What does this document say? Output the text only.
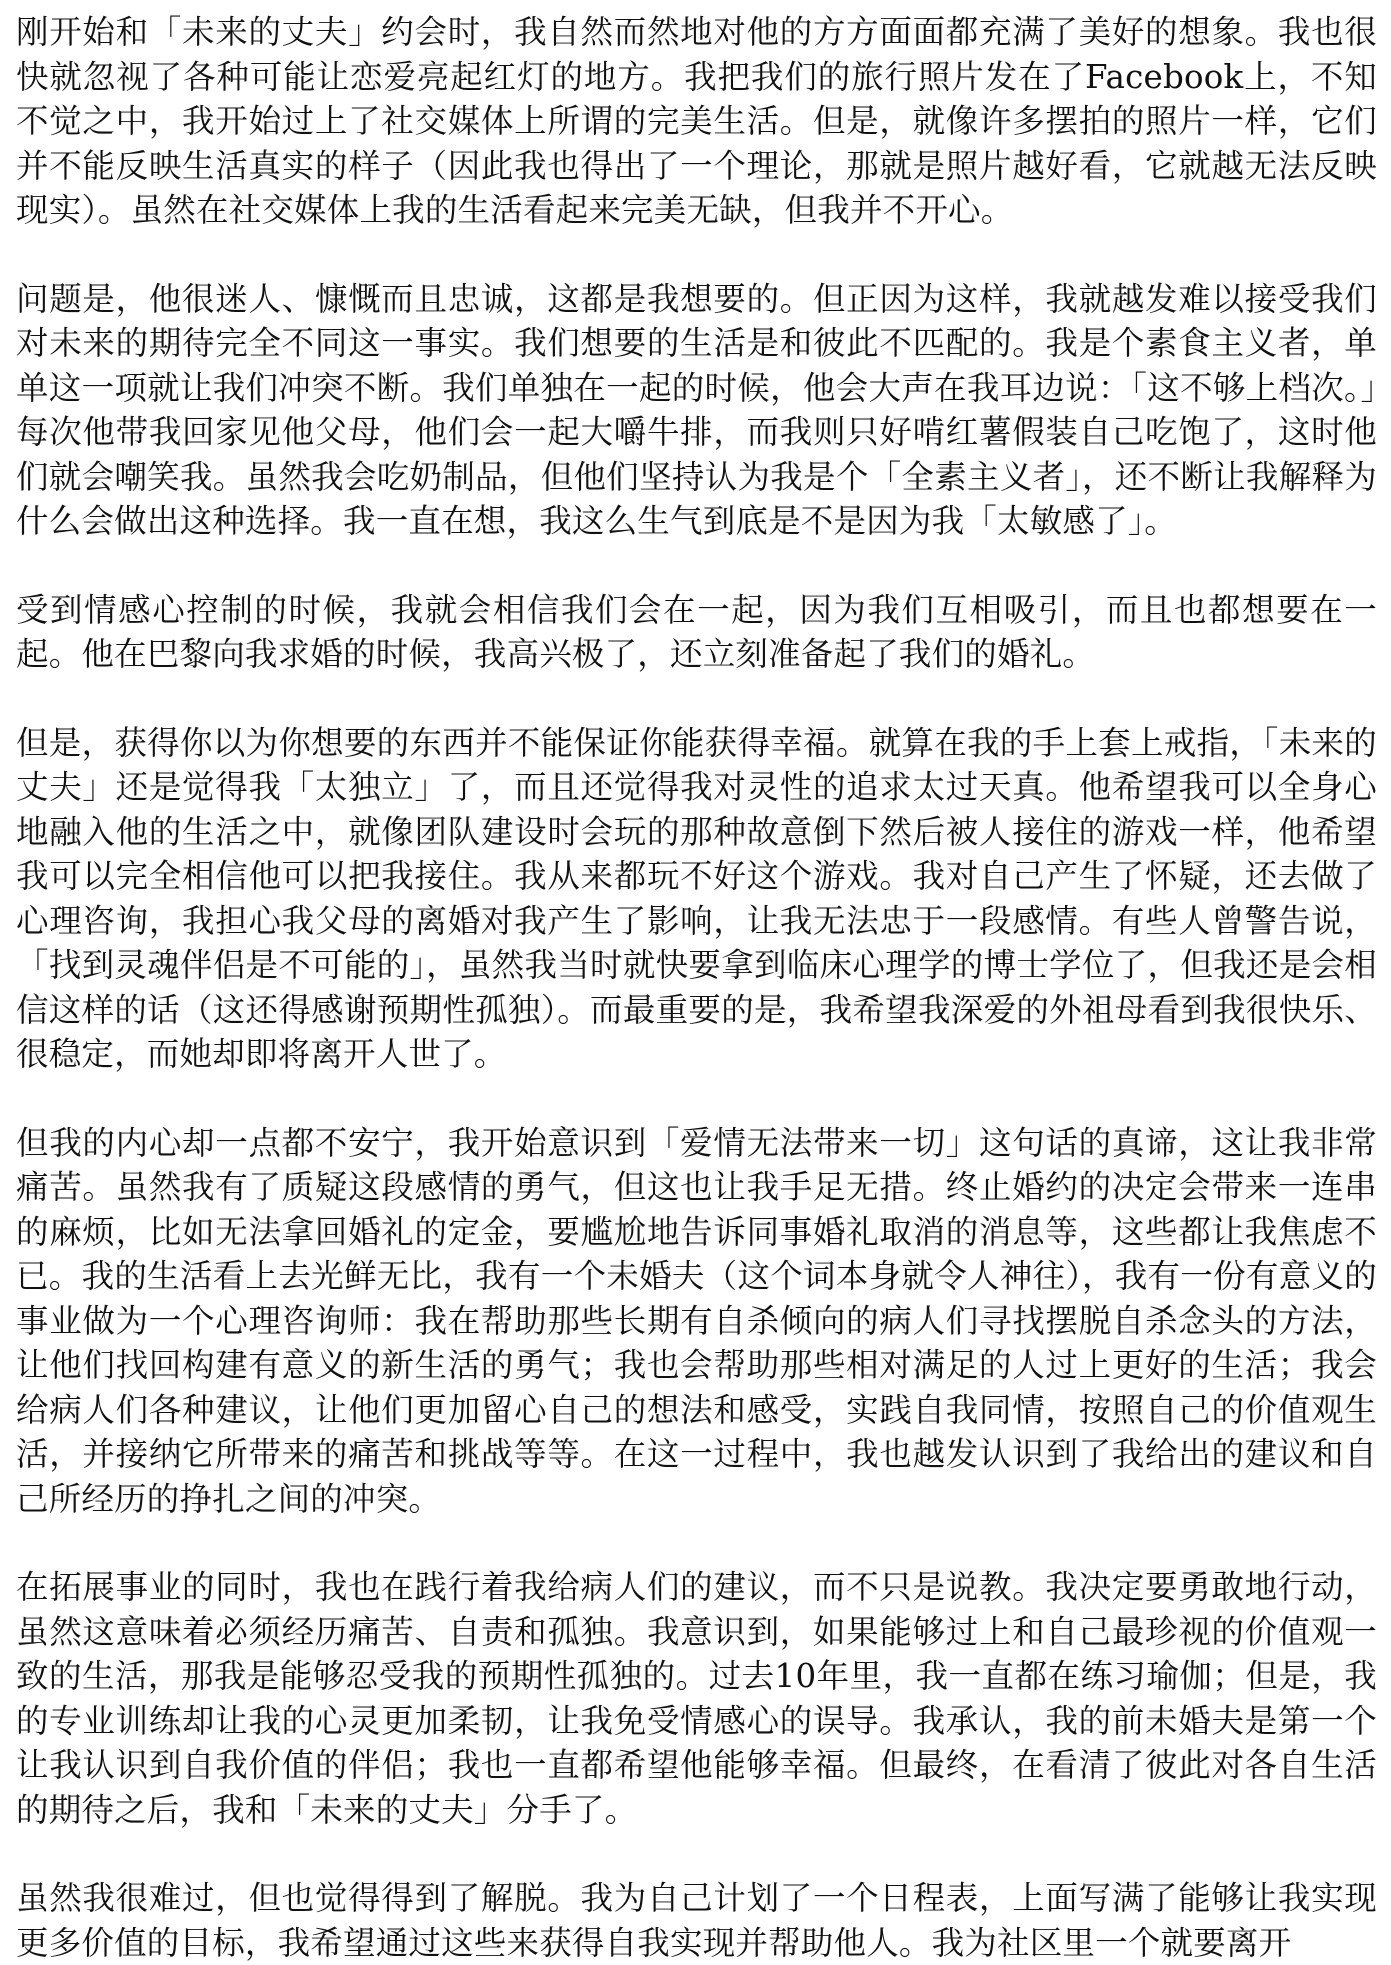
刚开始和「未来的丈夫」约会时，我自然而然地对他的方方面面都充满了美好的想象。我也很快就忽视了各种可能让恋爱亮起红灯的地方。我把我们的旅行照片发在了Facebook上，不知不觉之中，我开始过上了社交媒体上所谓的完美生活。但是，就像许多摆拍的照片一样，它们并不能反映生活真实的样子（因此我也得出了一个理论，那就是照片越好看，它就越无法反映现实）。虽然在社交媒体上我的生活看起来完美无缺，但我并不开心。

问题是，他很迷人、慷慨而且忠诚，这都是我想要的。但正因为这样，我就越发难以接受我们对未来的期待完全不同这一事实。我们想要的生活是和彼此不匹配的。我是个素食主义者，单单这一项就让我们冲突不断。我们单独在一起的时候，他会大声在我耳边说：「这不够上档次。」每次他带我回家见他父母，他们会一起大嚼牛排，而我则只好啃红薯假装自己吃饱了，这时他们就会嘲笑我。虽然我会吃奶制品，但他们坚持认为我是个「全素主义者」，还不断让我解释为什么会做出这种选择。我一直在想，我这么生气到底是不是因为我「太敏感了」。

受到情感心控制的时候，我就会相信我们会在一起，因为我们互相吸引，而且也都想要在一起。他在巴黎向我求婚的时候，我高兴极了，还立刻准备起了我们的婚礼。

但是，获得你以为你想要的东西并不能保证你能获得幸福。就算在我的手上套上戒指，「未来的丈夫」还是觉得我「太独立」了，而且还觉得我对灵性的追求太过天真。他希望我可以全身心地融入他的生活之中，就像团队建设时会玩的那种故意倒下然后被人接住的游戏一样，他希望我可以完全相信他可以把我接住。我从来都玩不好这个游戏。我对自己产生了怀疑，还去做了心理咨询，我担心我父母的离婚对我产生了影响，让我无法忠于一段感情。有些人曾警告说，「找到灵魂伴侣是不可能的」，虽然我当时就快要拿到临床心理学的博士学位了，但我还是会相信这样的话（这还得感谢预期性孤独）。而最重要的是，我希望我深爱的外祖母看到我很快乐、很稳定，而她却即将离开人世了。

但我的内心却一点都不安宁，我开始意识到「爱情无法带来一切」这句话的真谛，这让我非常痛苦。虽然我有了质疑这段感情的勇气，但这也让我手足无措。终止婚约的决定会带来一连串的麻烦，比如无法拿回婚礼的定金，要尴尬地告诉同事婚礼取消的消息等，这些都让我焦虑不已。我的生活看上去光鲜无比，我有一个未婚夫（这个词本身就令人神往），我有一份有意义的事业做为一个心理咨询师：我在帮助那些长期有自杀倾向的病人们寻找摆脱自杀念头的方法，让他们找回构建有意义的新生活的勇气；我也会帮助那些相对满足的人过上更好的生活；我会给病人们各种建议，让他们更加留心自己的想法和感受，实践自我同情，按照自己的价值观生活，并接纳它所带来的痛苦和挑战等等。在这一过程中，我也越发认识到了我给出的建议和自己所经历的挣扎之间的冲突。

在拓展事业的同时，我也在践行着我给病人们的建议，而不只是说教。我决定要勇敢地行动，虽然这意味着必须经历痛苦、自责和孤独。我意识到，如果能够过上和自己最珍视的价值观一致的生活，那我是能够忍受我的预期性孤独的。过去10年里，我一直都在练习瑜伽；但是，我的专业训练却让我的心灵更加柔韧，让我免受情感心的误导。我承认，我的前未婚夫是第一个让我认识到自我价值的伴侣；我也一直都希望他能够幸福。但最终，在看清了彼此对各自生活的期待之后，我和「未来的丈夫」分手了。

虽然我很难过，但也觉得得到了解脱。我为自己计划了一个日程表，上面写满了能够让我实现更多价值的目标，我希望通过这些来获得自我实现并帮助他人。我为社区里一个就要离开
